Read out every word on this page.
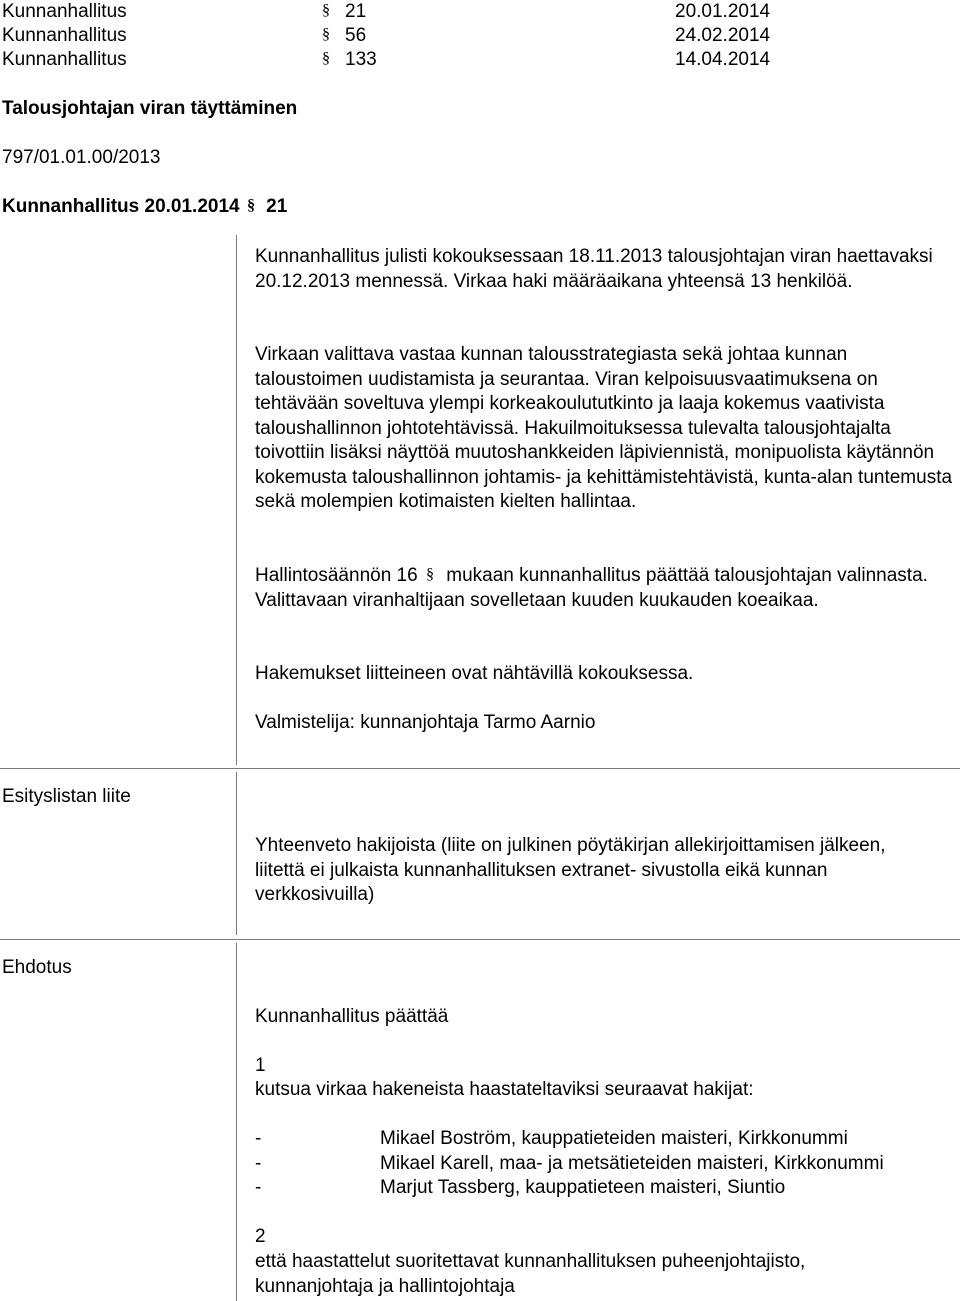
Kunnanhallitus	§ 21	20.01.2014
Kunnanhallitus	§ 56	24.02.2014
Kunnanhallitus	§ 133	14.04.2014
Talousjohtajan viran täyttäminen
797/01.01.00/2013
Kunnanhallitus 20.01.2014 § 21

Kunnanhallitus julisti kokouksessaan 18.11.2013 talousjohtajan viran haettavaksi 20.12.2013 mennessä. Virkaa haki määräaikana yhteensä 13 henkilöä.

Virkaan valittava vastaa kunnan talousstrategiasta sekä johtaa kunnan taloustoimen uudistamista ja seurantaa. Viran kelpoisuusvaatimuksena on tehtävään soveltuva ylempi korkeakoulututkinto ja laaja kokemus vaativista taloushallinnon johtotehtävissä. Hakuilmoituksessa tulevalta talousjohtajalta toivottiin lisäksi näyttöä muutoshankkeiden läpiviennistä, monipuolista käytännön kokemusta taloushallinnon johtamis- ja kehittämistehtävistä, kunta-alan tuntemusta sekä molempien kotimaisten kielten hallintaa.

Hallintosäännön 16 § mukaan kunnanhallitus päättää talousjohtajan valinnasta. Valittavaan viranhaltijaan sovelletaan kuuden kuukauden koeaikaa.

Hakemukset liitteineen ovat nähtävillä kokouksessa.

Valmistelija: kunnanjohtaja Tarmo Aarnio

Esityslistan liite

Yhteenveto hakijoista (liite on julkinen pöytäkirjan allekirjoittamisen jälkeen, liitettä ei julkaista kunnanhallituksen extranet- sivustolla eikä kunnan verkkosivuilla)

Ehdotus
Kunnanhallitus päättää
1
kutsua virkaa hakeneista haastateltaviksi seuraavat hakijat:
-	Mikael Boström, kauppatieteiden maisteri, Kirkkonummi
-	Mikael Karell, maa- ja metsätieteiden maisteri, Kirkkonummi
-	Marjut Tassberg, kauppatieteen maisteri, Siuntio
2

että haastattelut suoritettavat kunnanhallituksen puheenjohtajisto, kunnanjohtaja ja hallintojohtaja
